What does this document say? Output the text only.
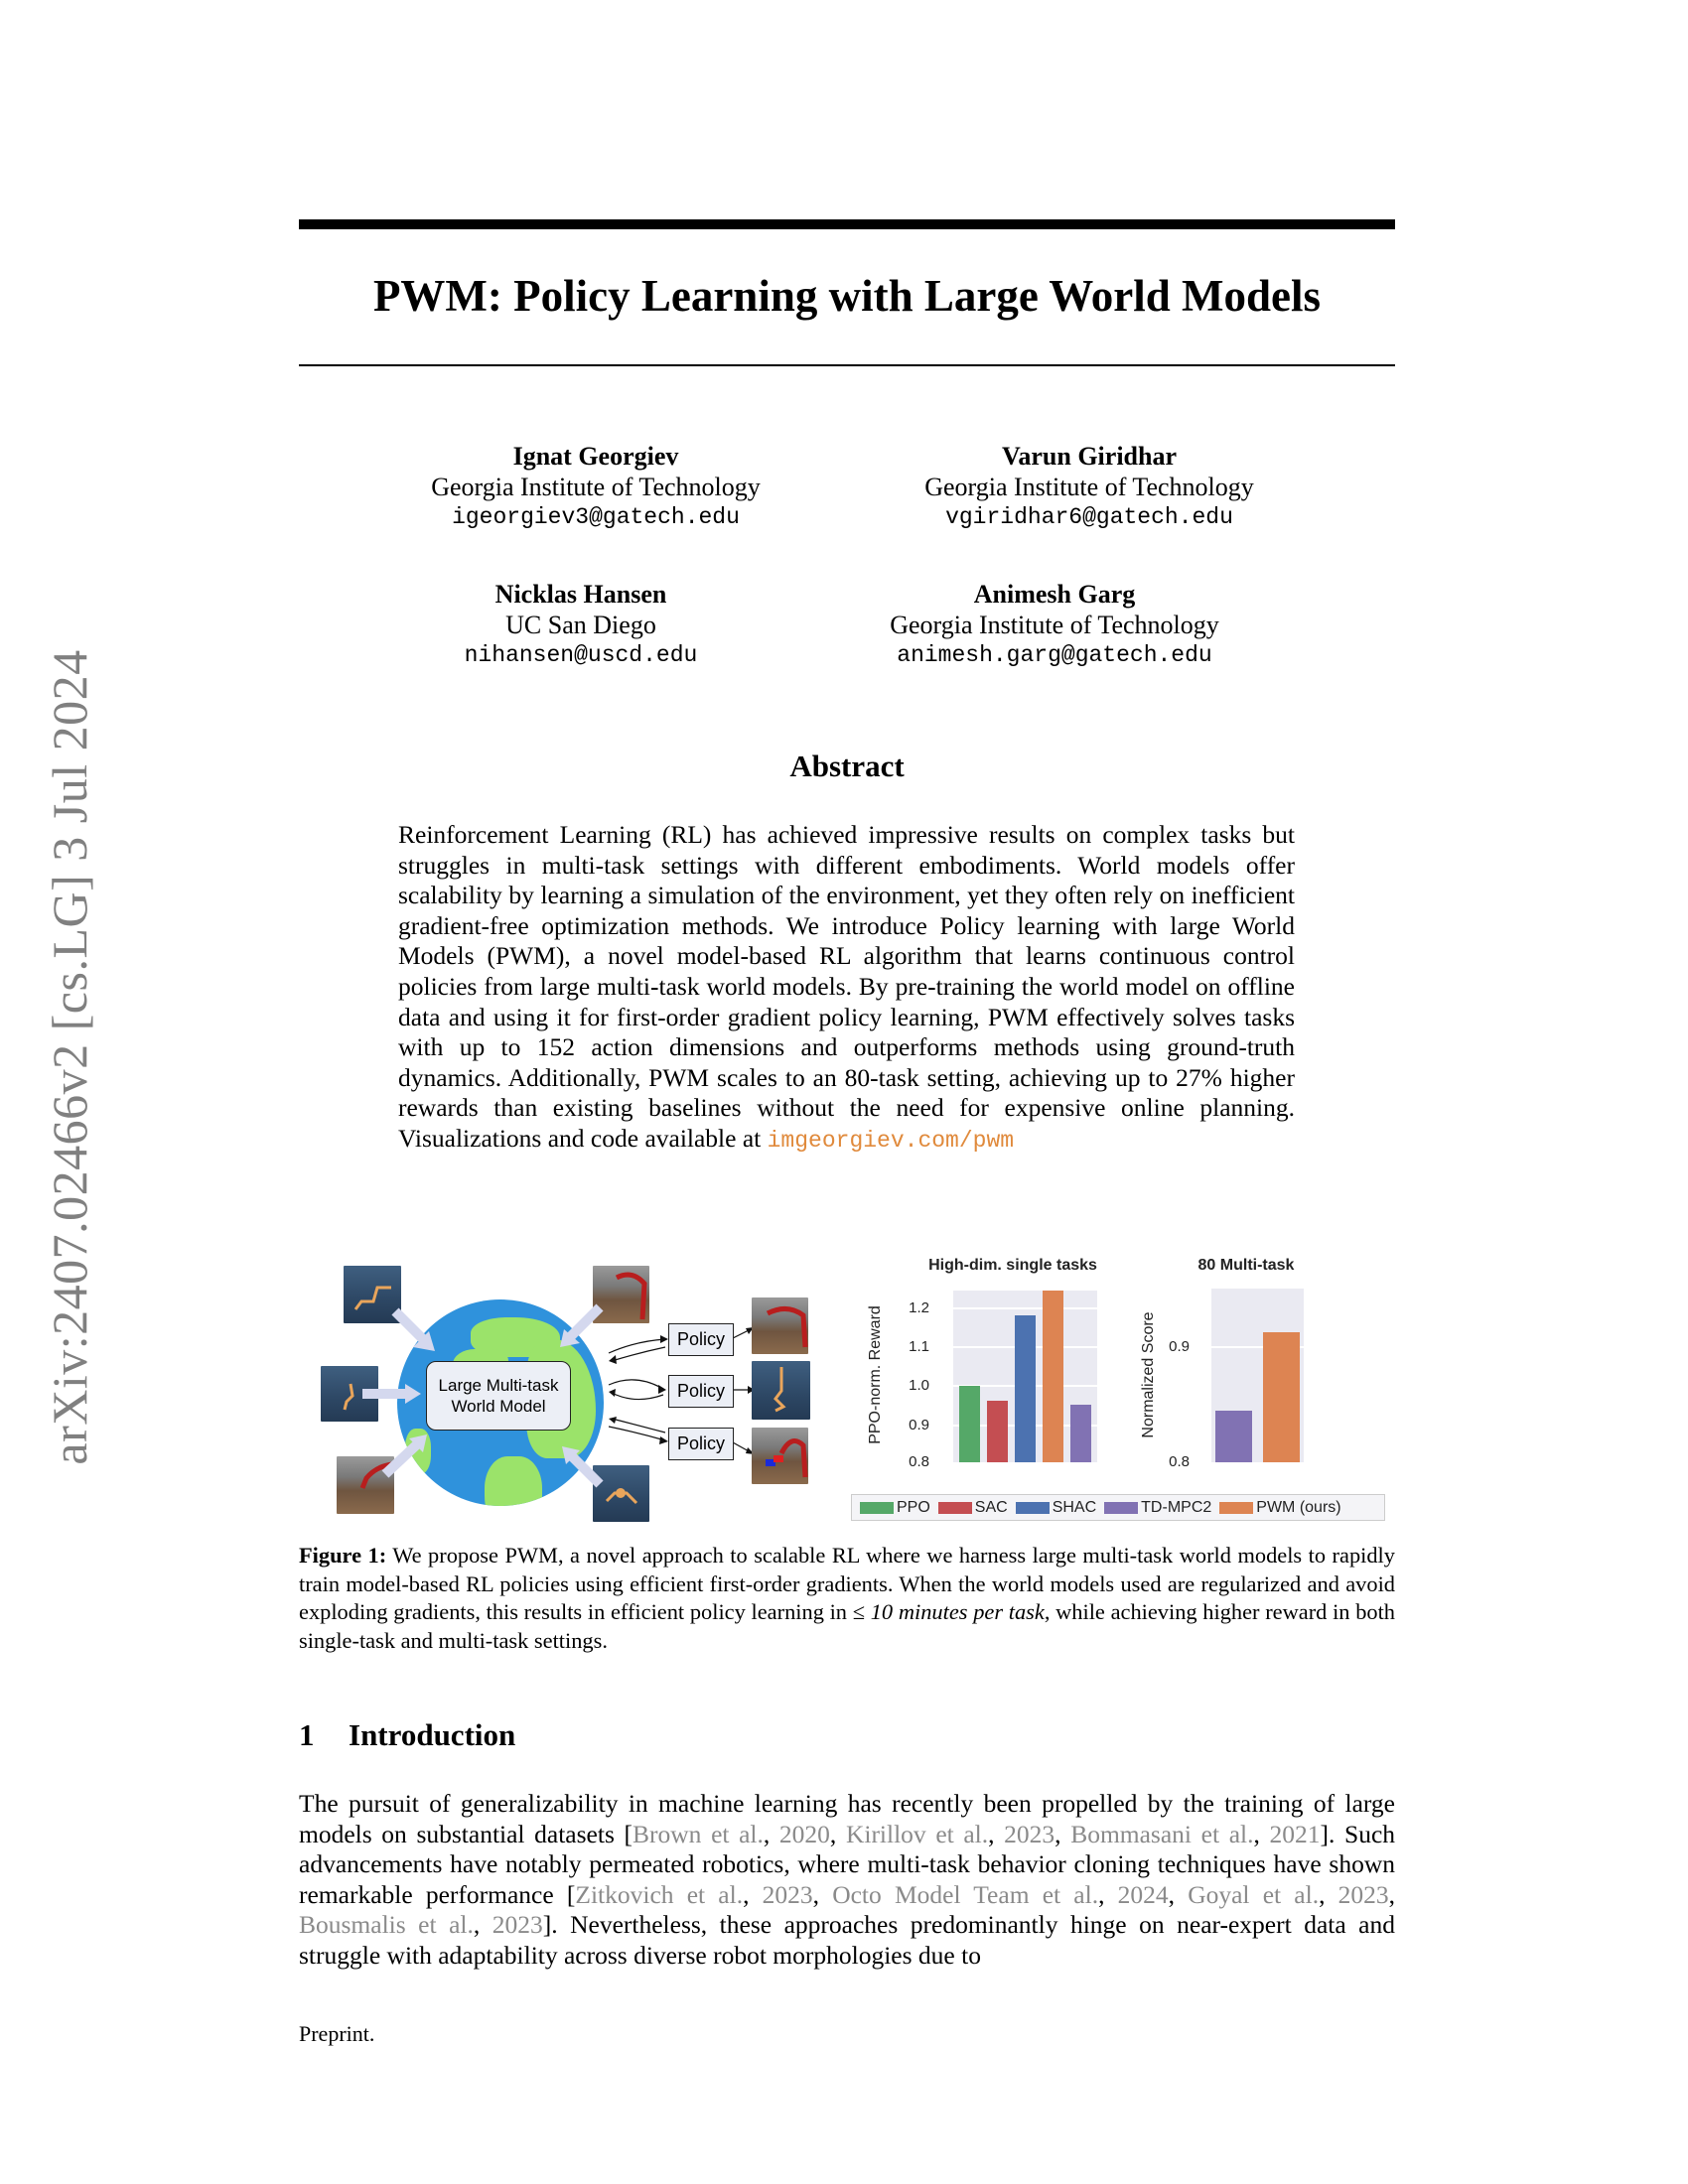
arXiv:2407.02466v2 [cs.LG] 3 Jul 2024
PWM: Policy Learning with Large World Models
Ignat Georgiev
Georgia Institute of Technology
igeorgiev3@gatech.edu
Varun Giridhar
Georgia Institute of Technology
vgiridhar6@gatech.edu
Nicklas Hansen
UC San Diego
nihansen@uscd.edu
Animesh Garg
Georgia Institute of Technology
animesh.garg@gatech.edu
Abstract

Reinforcement Learning (RL) has achieved impressive results on complex tasks but struggles in multi-task settings with different embodiments. World models offer scalability by learning a simulation of the environment, yet they often rely on inefficient gradient-free optimization methods. We introduce Policy learning with large World Models (PWM), a novel model-based RL algorithm that learns continuous control policies from large multi-task world models. By pre-training the world model on offline data and using it for first-order gradient policy learning, PWM effectively solves tasks with up to 152 action dimensions and outperforms methods using ground-truth dynamics. Additionally, PWM scales to an 80-task setting, achieving up to 27% higher rewards than existing baselines without the need for expensive online planning. Visualizations and code available at imgeorgiev.com/pwm

Large Multi-task
World Model
Policy
Policy
Policy
High-dim. single tasks
PPO-norm. Reward	1.2
1.1
1.0
0.9
0.8
80 Multi-task
Normalized Score 0.9
0.8
PPO	SAC	SHAC	TD-MPC2	PWM (ours)

Figure 1: We propose PWM, a novel approach to scalable RL where we harness large multi-task world models to rapidly train model-based RL policies using efficient first-order gradients. When the world models used are regularized and avoid exploding gradients, this results in efficient policy learning in ≤ 10 minutes per task, while achieving higher reward in both single-task and multi-task settings.

1 Introduction

The pursuit of generalizability in machine learning has recently been propelled by the training of large models on substantial datasets [Brown et al., 2020, Kirillov et al., 2023, Bommasani et al., 2021]. Such advancements have notably permeated robotics, where multi-task behavior cloning techniques have shown remarkable performance [Zitkovich et al., 2023, Octo Model Team et al., 2024, Goyal et al., 2023, Bousmalis et al., 2023]. Nevertheless, these approaches predominantly hinge on near-expert data and struggle with adaptability across diverse robot morphologies due to

Preprint.
